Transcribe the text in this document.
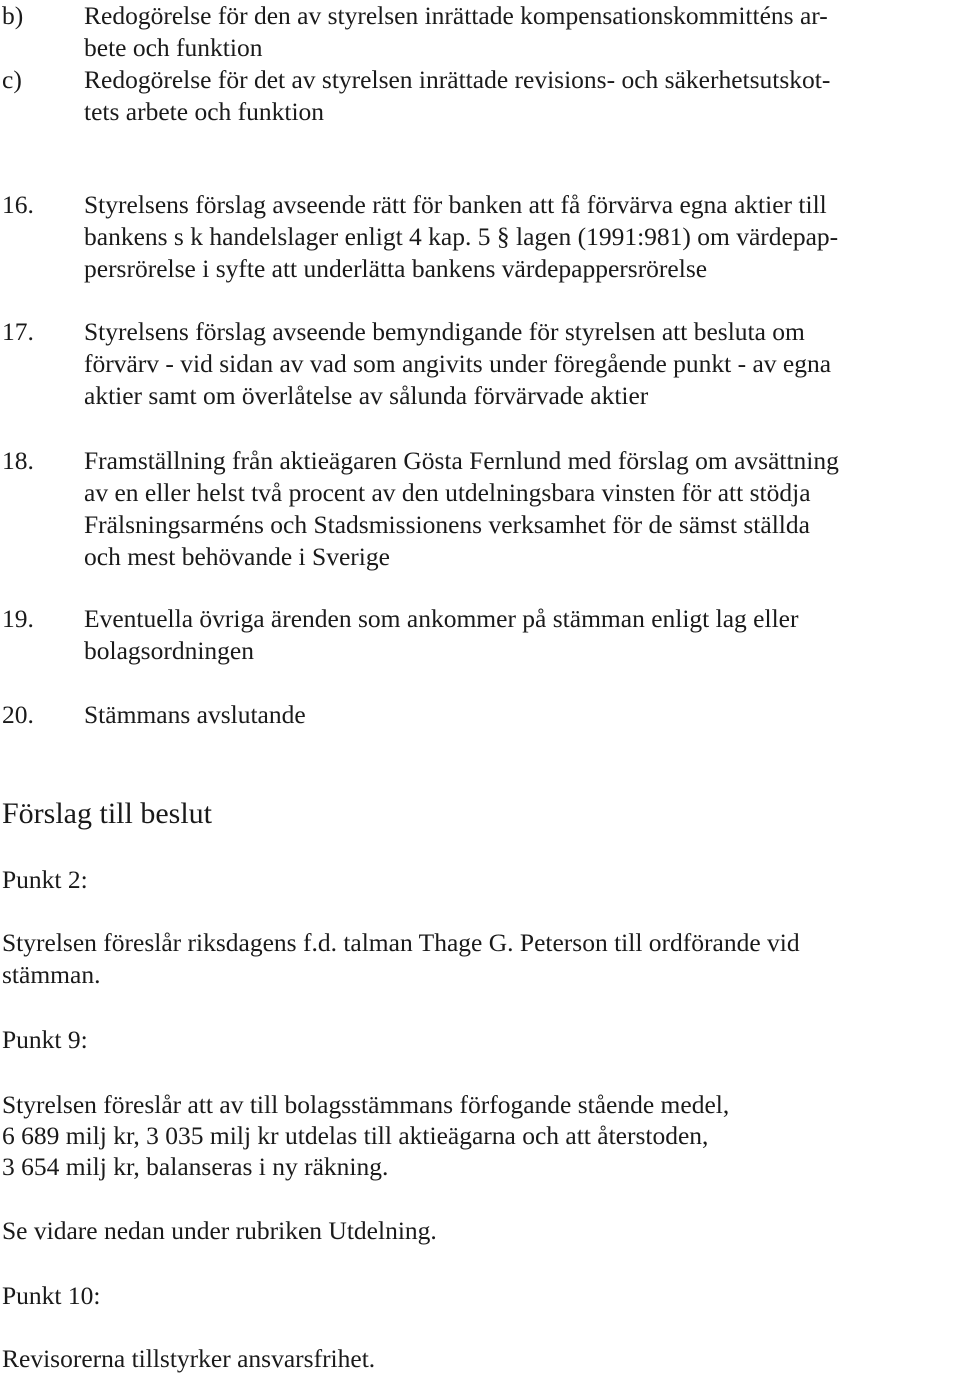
b) Redogörelse för den av styrelsen inrättade kompensationskommitténs ar-
bete och funktion
c) Redogörelse för det av styrelsen inrättade revisions- och säkerhetsutskot-
tets arbete och funktion
16. Styrelsens förslag avseende rätt för banken att få förvärva egna aktier till
bankens s k handelslager enligt 4 kap. 5 § lagen (1991:981) om värdepap-
persrörelse i syfte att underlätta bankens värdepappersrörelse
17. Styrelsens förslag avseende bemyndigande för styrelsen att besluta om
förvärv - vid sidan av vad som angivits under föregående punkt - av egna
aktier samt om överlåtelse av sålunda förvärvade aktier
18. Framställning från aktieägaren Gösta Fernlund med förslag om avsättning
av en eller helst två procent av den utdelningsbara vinsten för att stödja
Frälsningsarméns och Stadsmissionens verksamhet för de sämst ställda
och mest behövande i Sverige
19. Eventuella övriga ärenden som ankommer på stämman enligt lag eller
bolagsordningen
20. Stämmans avslutande
Förslag till beslut
Punkt 2:
Styrelsen föreslår riksdagens f.d. talman Thage G. Peterson till ordförande vid
stämman.
Punkt 9:
Styrelsen föreslår att av till bolagsstämmans förfogande stående medel,
6 689 milj kr, 3 035 milj kr utdelas till aktieägarna och att återstoden,
3 654 milj kr, balanseras i ny räkning.
Se vidare nedan under rubriken Utdelning.
Punkt 10:
Revisorerna tillstyrker ansvarsfrihet.
